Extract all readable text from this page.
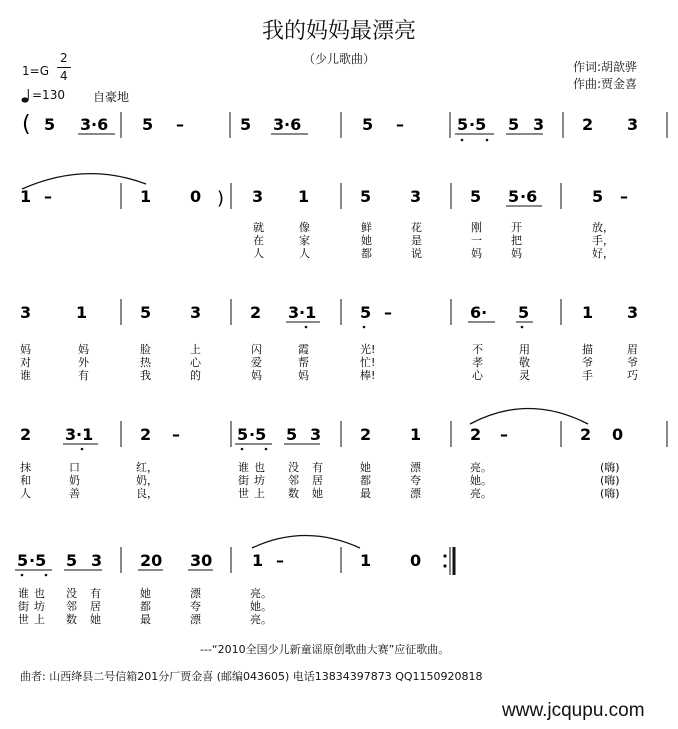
我的妈妈最漂亮
（少儿歌曲）
1=G
2
4
=130 自豪地
作词:胡歆骅
作曲:贾金喜
( 5 3 ·6 5 –	5 3 ·6	5 –	5 ·5 5 3 2 3
)
1 –	1 0	3 1	5 3	5 5 ·6	5 –
就	像	鲜	花	刚	开	放，
在	家	她	是	一	把	手，
人	人	都	说	妈	妈	好，
3	1	5 3	2 3 ·1	5 –	6· 5	1 3
妈	妈	脸	上	闪	霞	光!	不	用	描	眉
对	外	热	心	爱	帮	忙!	孝	敬	爷	爷
谁	有	我	的	妈	妈	棒!	心	灵	手	巧
2 3 ·1	2 –	5 ·5 5 3 2 1	2 –	2 0
抹	口	红，	谁 也 没 有	她	漂	亮。	(嗨)
和	奶	奶，	街 坊 邻 居	都	夸	她。	(嗨)
人	善	良，	世 上 数 她	最	漂	亮。	(嗨)
5 ·5 5 3 20 30 1 –	1 0
谁 也 没 有	她	漂	亮。
街 坊 邻 居	都	夸	她。
世 上 数 她	最	漂	亮。
---“2010全国少儿新童谣原创歌曲大赛”应征歌曲。
曲者: 山西绛县二号信箱201分厂贾金喜 (邮编043605) 电话13834397873 QQ1150920818
www.jcqupu.com
